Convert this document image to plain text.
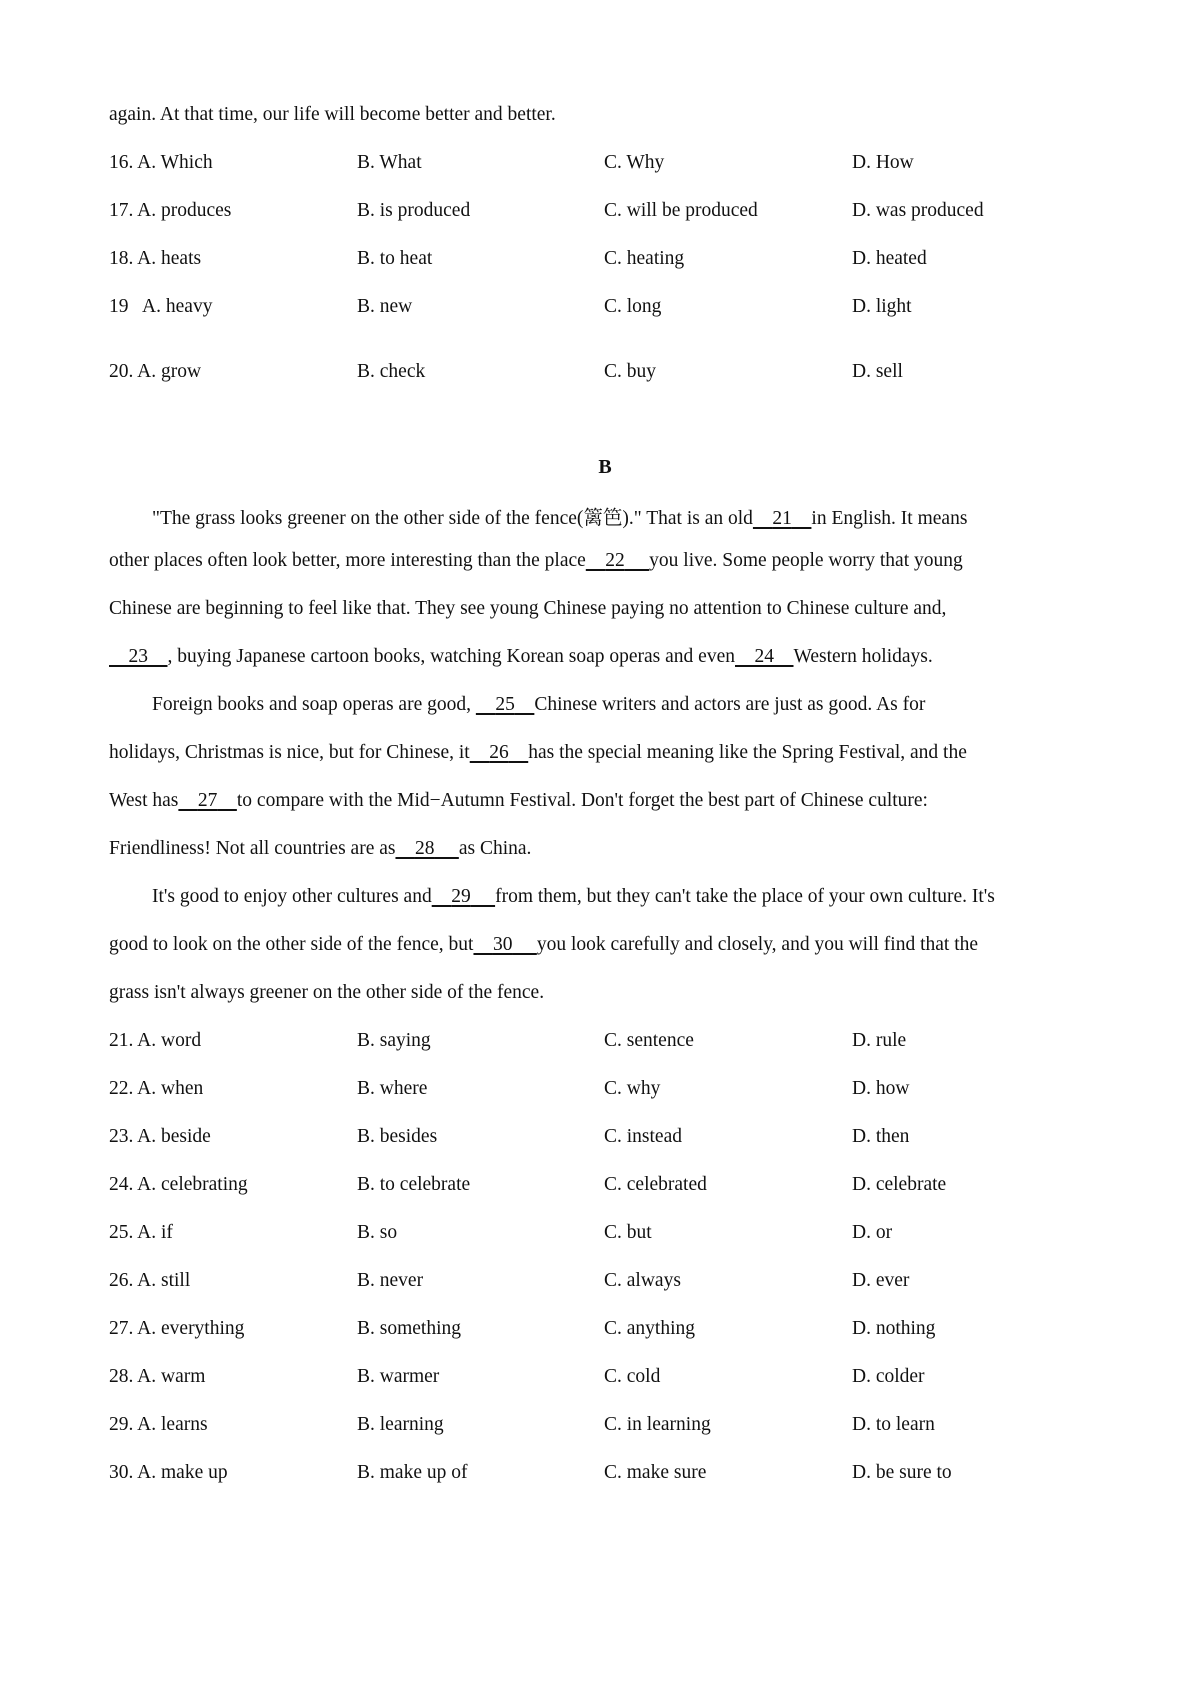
again. At that time, our life will become better and better.
16. A. Which	B. What	C. Why	D. How
17. A. produces	B. is produced	C. will be produced	D. was produced
18. A. heats	B. to heat	C. heating	D. heated
19   A. heavy	B. new	C. long	D. light
20. A. grow	B. check	C. buy	D. sell
B
"The grass looks greener on the other side of the fence(篱笆)." That is an old 21 in English. It means
other places often look better, more interesting than the place 22 you live. Some people worry that young
Chinese are beginning to feel like that. They see young Chinese paying no attention to Chinese culture and,
23 , buying Japanese cartoon books, watching Korean soap operas and even 24 Western holidays.
Foreign books and soap operas are good,     25 Chinese writers and actors are just as good. As for
holidays, Christmas is nice, but for Chinese, it 26 has the special meaning like the Spring Festival, and the
West has 27 to compare with the Mid−Autumn Festival. Don't forget the best part of Chinese culture:
Friendliness! Not all countries are as 28 as China.
It's good to enjoy other cultures and 29 from them, but they can't take the place of your own culture. It's
good to look on the other side of the fence, but 30 you look carefully and closely, and you will find that the
grass isn't always greener on the other side of the fence.
21. A. word	B. saying	C. sentence	D. rule
22. A. when	B. where	C. why	D. how
23. A. beside	B. besides	C. instead	D. then
24. A. celebrating	B. to celebrate	C. celebrated	D. celebrate
25. A. if	B. so	C. but	D. or
26. A. still	B. never	C. always	D. ever
27. A. everything	B. something	C. anything	D. nothing
28. A. warm	B. warmer	C. cold	D. colder
29. A. learns	B. learning	C. in learning	D. to learn
30. A. make up	B. make up of	C. make sure	D. be sure to
